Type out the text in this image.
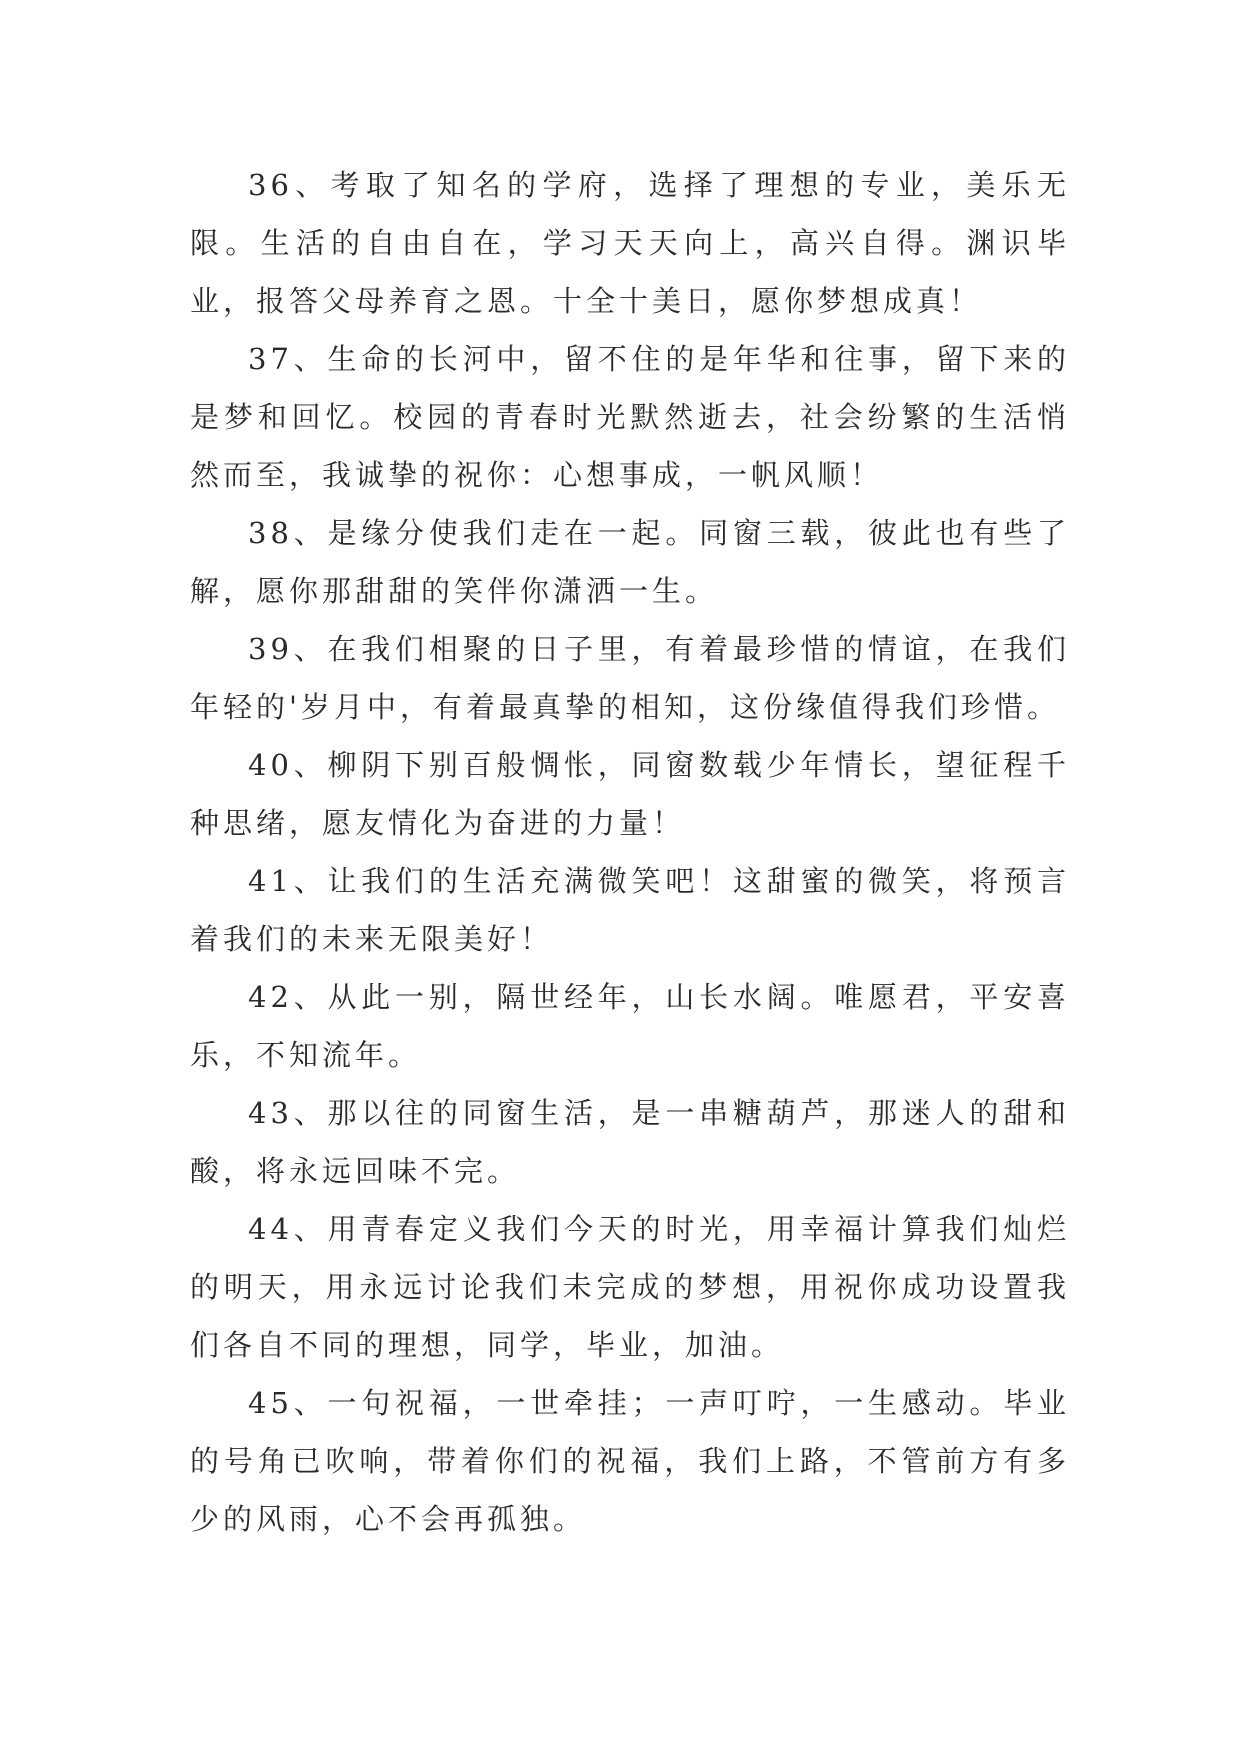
36、考取了知名的学府，选择了理想的专业，美乐无限。生活的自由自在，学习天天向上，高兴自得。渊识毕业，报答父母养育之恩。十全十美日，愿你梦想成真！

37、生命的长河中，留不住的是年华和往事，留下来的是梦和回忆。校园的青春时光默然逝去，社会纷繁的生活悄然而至，我诚挚的祝你：心想事成，一帆风顺！

38、是缘分使我们走在一起。同窗三载，彼此也有些了解，愿你那甜甜的笑伴你潇洒一生。

39、在我们相聚的日子里，有着最珍惜的情谊，在我们年轻的'岁月中，有着最真挚的相知，这份缘值得我们珍惜。

40、柳阴下别百般惆怅，同窗数载少年情长，望征程千种思绪，愿友情化为奋进的力量！

41、让我们的生活充满微笑吧！这甜蜜的微笑，将预言着我们的未来无限美好！

42、从此一别，隔世经年，山长水阔。唯愿君，平安喜乐，不知流年。

43、那以往的同窗生活，是一串糖葫芦，那迷人的甜和酸，将永远回味不完。

44、用青春定义我们今天的时光，用幸福计算我们灿烂的明天，用永远讨论我们未完成的梦想，用祝你成功设置我们各自不同的理想，同学，毕业，加油。

45、一句祝福，一世牵挂；一声叮咛，一生感动。毕业的号角已吹响，带着你们的祝福，我们上路，不管前方有多少的风雨，心不会再孤独。
